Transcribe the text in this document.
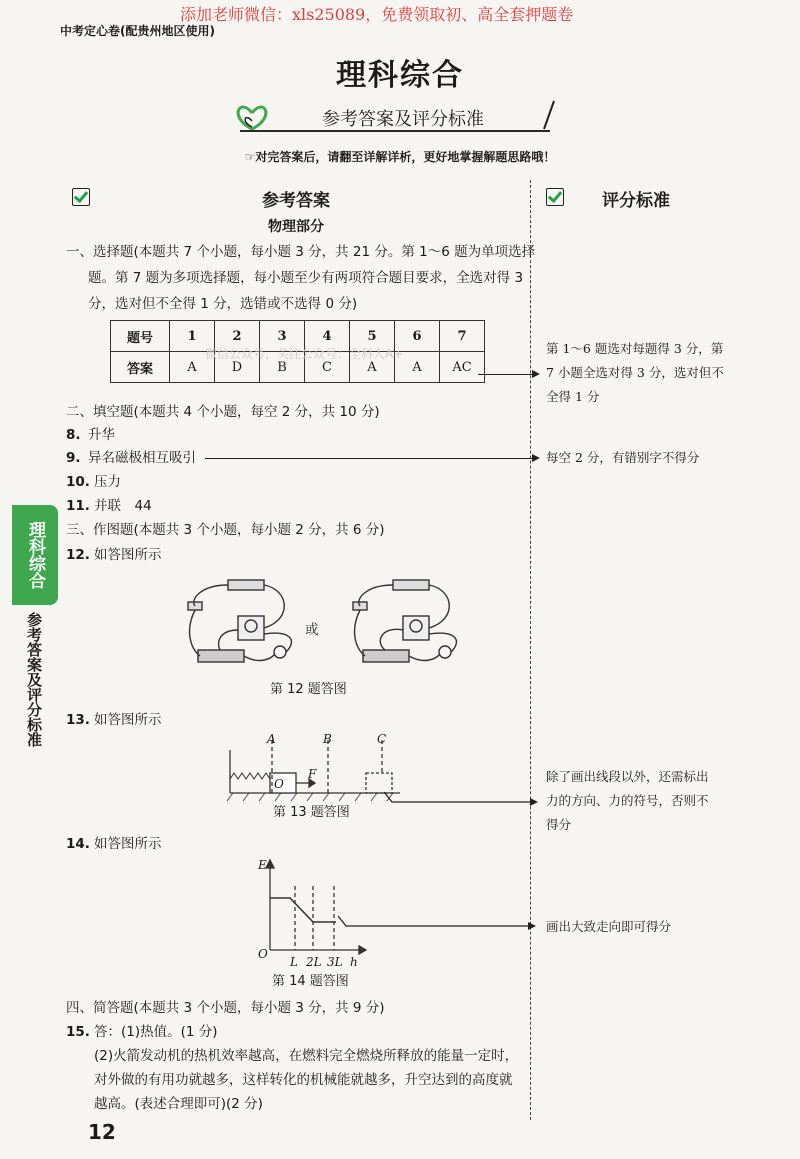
添加老师微信：xls25089，免费领取初、高全套押题卷
中考定心卷(配贵州地区使用)
理科综合
参考答案及评分标准
☞对完答案后，请翻至详解详析，更好地掌握解题思路哦！
参考答案
物理部分
评分标准
理科综合
参考答案及评分标准
一、选择题(本题共 7 个小题，每小题 3 分，共 21 分。第 1～6 题为单项选择
题。第 7 题为多项选择题，每小题至少有两项符合题目要求，全选对得 3
分，选对但不全得 1 分，选错或不选得 0 分)
题号	1	2	3	4	5	6	7
答案	A	D	B	C	A	A	AC
微信公众号，关注公众号：全科人A+	第 1～6 题选对每题得 3 分，第
7 小题全选对得 3 分，选对但不
全得 1 分
二、填空题(本题共 4 个小题，每空 2 分，共 10 分)
8. 升华
9. 异名磁极相互吸引	每空 2 分，有错别字不得分
10. 压力
11. 并联　44
三、作图题(本题共 3 个小题，每小题 2 分，共 6 分)
12. 如答图所示
或
第 12 题答图
13. 如答图所示
A	B	C
O
F
第 13 题答图
除了画出线段以外，还需标出
力的方向、力的符号，否则不
得分
14. 如答图所示
E
O
L 2L 3L h
第 14 题答图
画出大致走向即可得分
四、简答题(本题共 3 个小题，每小题 3 分，共 9 分)
15. 答：(1)热值。(1 分)
(2)火箭发动机的热机效率越高，在燃料完全燃烧所释放的能量一定时，
对外做的有用功就越多，这样转化的机械能就越多，升空达到的高度就
越高。(表述合理即可)(2 分)
12
